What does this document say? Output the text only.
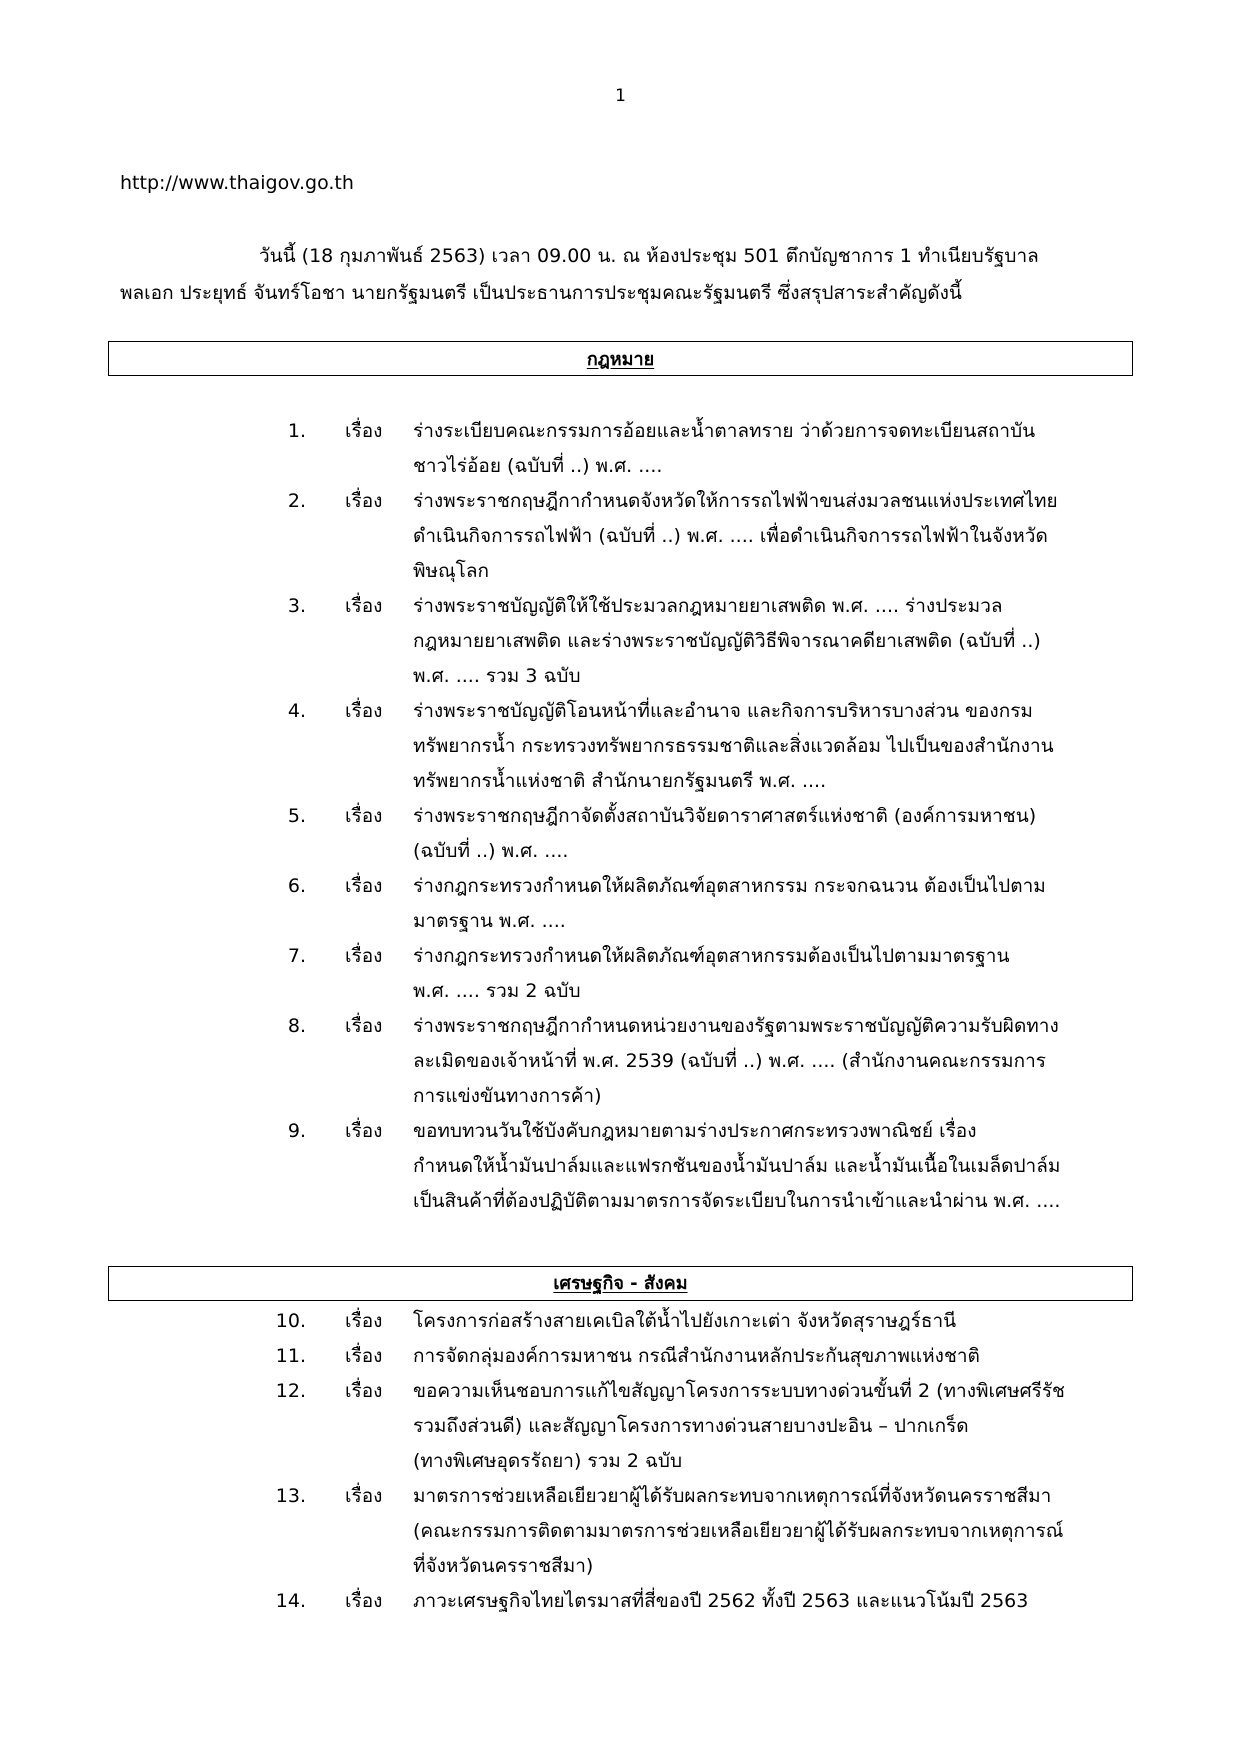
1
http://www.thaigov.go.th
วันนี้ (18 กุมภาพันธ์ 2563) เวลา 09.00 น. ณ ห้องประชุม 501 ตึกบัญชาการ 1 ทำเนียบรัฐบาล
พลเอก ประยุทธ์ จันทร์โอชา นายกรัฐมนตรี เป็นประธานการประชุมคณะรัฐมนตรี ซึ่งสรุปสาระสำคัญดังนี้
กฎหมาย
1. เรื่อง ร่างระเบียบคณะกรรมการอ้อยและน้ำตาลทราย ว่าด้วยการจดทะเบียนสถาบัน
ชาวไร่อ้อย (ฉบับที่ ..) พ.ศ. ....
2. เรื่อง ร่างพระราชกฤษฎีกากำหนดจังหวัดให้การรถไฟฟ้าขนส่งมวลชนแห่งประเทศไทย
ดำเนินกิจการรถไฟฟ้า (ฉบับที่ ..) พ.ศ. .... เพื่อดำเนินกิจการรถไฟฟ้าในจังหวัด
พิษณุโลก
3. เรื่อง ร่างพระราชบัญญัติให้ใช้ประมวลกฎหมายยาเสพติด พ.ศ. .... ร่างประมวล
กฎหมายยาเสพติด และร่างพระราชบัญญัติวิธีพิจารณาคดียาเสพติด (ฉบับที่ ..)
พ.ศ. .... รวม 3 ฉบับ
4. เรื่อง ร่างพระราชบัญญัติโอนหน้าที่และอำนาจ และกิจการบริหารบางส่วน ของกรม
ทรัพยากรน้ำ กระทรวงทรัพยากรธรรมชาติและสิ่งแวดล้อม ไปเป็นของสำนักงาน
ทรัพยากรน้ำแห่งชาติ สำนักนายกรัฐมนตรี พ.ศ. ....
5. เรื่อง ร่างพระราชกฤษฎีกาจัดตั้งสถาบันวิจัยดาราศาสตร์แห่งชาติ (องค์การมหาชน)
(ฉบับที่ ..) พ.ศ. ....
6. เรื่อง ร่างกฎกระทรวงกำหนดให้ผลิตภัณฑ์อุตสาหกรรม กระจกฉนวน ต้องเป็นไปตาม
มาตรฐาน พ.ศ. ....
7. เรื่อง ร่างกฎกระทรวงกำหนดให้ผลิตภัณฑ์อุตสาหกรรมต้องเป็นไปตามมาตรฐาน
พ.ศ. .... รวม 2 ฉบับ
8. เรื่อง ร่างพระราชกฤษฎีกากำหนดหน่วยงานของรัฐตามพระราชบัญญัติความรับผิดทาง
ละเมิดของเจ้าหน้าที่ พ.ศ. 2539 (ฉบับที่ ..) พ.ศ. .... (สำนักงานคณะกรรมการ
การแข่งขันทางการค้า)
9. เรื่อง ขอทบทวนวันใช้บังคับกฎหมายตามร่างประกาศกระทรวงพาณิชย์ เรื่อง
กำหนดให้น้ำมันปาล์มและแฟรกชันของน้ำมันปาล์ม และน้ำมันเนื้อในเมล็ดปาล์ม
เป็นสินค้าที่ต้องปฏิบัติตามมาตรการจัดระเบียบในการนำเข้าและนำผ่าน พ.ศ. ....
เศรษฐกิจ - สังคม
10. เรื่อง โครงการก่อสร้างสายเคเบิลใต้น้ำไปยังเกาะเต่า จังหวัดสุราษฎร์ธานี
11. เรื่อง การจัดกลุ่มองค์การมหาชน กรณีสำนักงานหลักประกันสุขภาพแห่งชาติ
12. เรื่อง ขอความเห็นชอบการแก้ไขสัญญาโครงการระบบทางด่วนขั้นที่ 2 (ทางพิเศษศรีรัช
รวมถึงส่วนดี) และสัญญาโครงการทางด่วนสายบางปะอิน – ปากเกร็ด
(ทางพิเศษอุดรรัถยา) รวม 2 ฉบับ
13. เรื่อง มาตรการช่วยเหลือเยียวยาผู้ได้รับผลกระทบจากเหตุการณ์ที่จังหวัดนครราชสีมา
(คณะกรรมการติดตามมาตรการช่วยเหลือเยียวยาผู้ได้รับผลกระทบจากเหตุการณ์
ที่จังหวัดนครราชสีมา)
14. เรื่อง ภาวะเศรษฐกิจไทยไตรมาสที่สี่ของปี 2562 ทั้งปี 2563 และแนวโน้มปี 2563
